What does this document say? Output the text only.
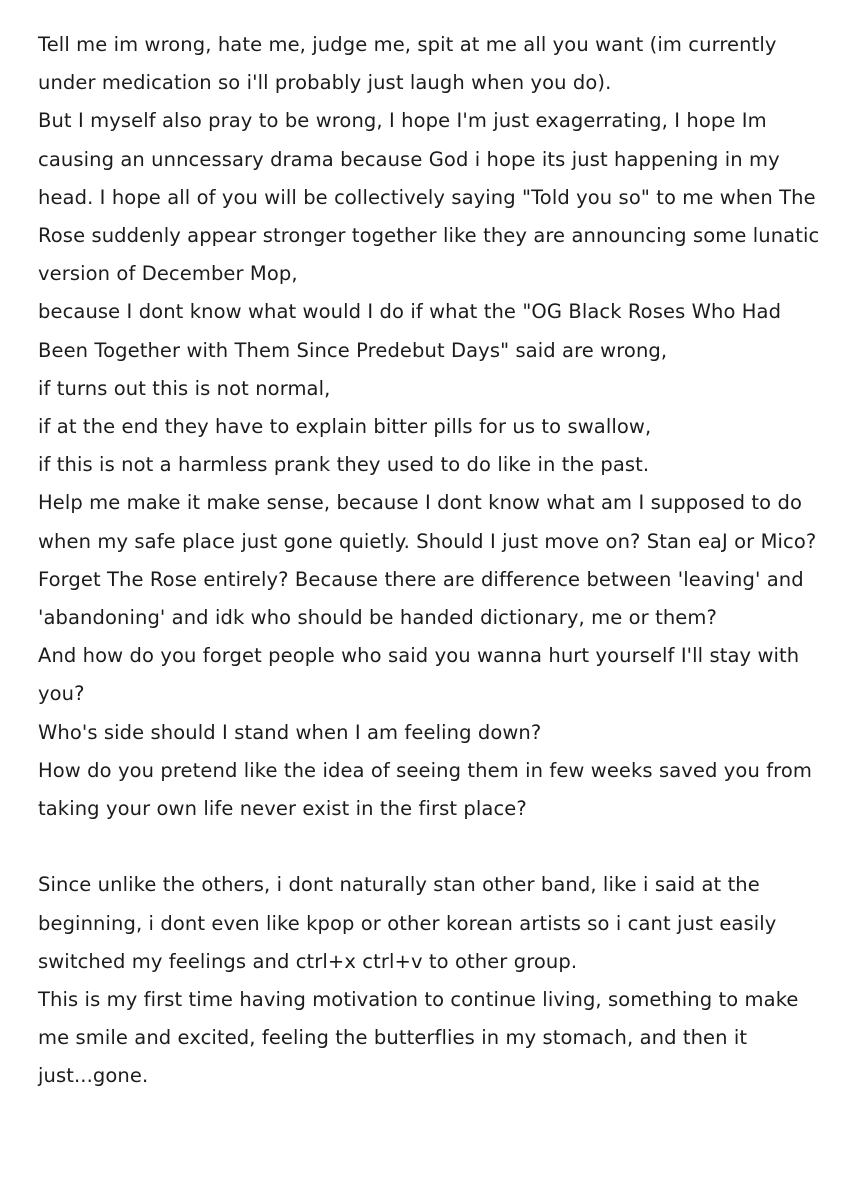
Tell me im wrong, hate me, judge me, spit at me all you want (im currently under medication so i'll probably just laugh when you do).

But I myself also pray to be wrong, I hope I'm just exagerrating, I hope Im causing an unncessary drama because God i hope its just happening in my head. I hope all of you will be collectively saying "Told you so" to me when The Rose suddenly appear stronger together like they are announcing some lunatic version of December Mop,

because I dont know what would I do if what the "OG Black Roses Who Had Been Together with Them Since Predebut Days" said are wrong,

if turns out this is not normal,

if at the end they have to explain bitter pills for us to swallow,

if this is not a harmless prank they used to do like in the past.

Help me make it make sense, because I dont know what am I supposed to do when my safe place just gone quietly. Should I just move on? Stan eaJ or Mico? Forget The Rose entirely? Because there are difference between 'leaving' and 'abandoning' and idk who should be handed dictionary, me or them?

And how do you forget people who said you wanna hurt yourself I'll stay with you?

Who's side should I stand when I am feeling down?

How do you pretend like the idea of seeing them in few weeks saved you from taking your own life never exist in the first place?

Since unlike the others, i dont naturally stan other band, like i said at the beginning, i dont even like kpop or other korean artists so i cant just easily switched my feelings and ctrl+x ctrl+v to other group.

This is my first time having motivation to continue living, something to make me smile and excited, feeling the butterflies in my stomach, and then it just...gone.
